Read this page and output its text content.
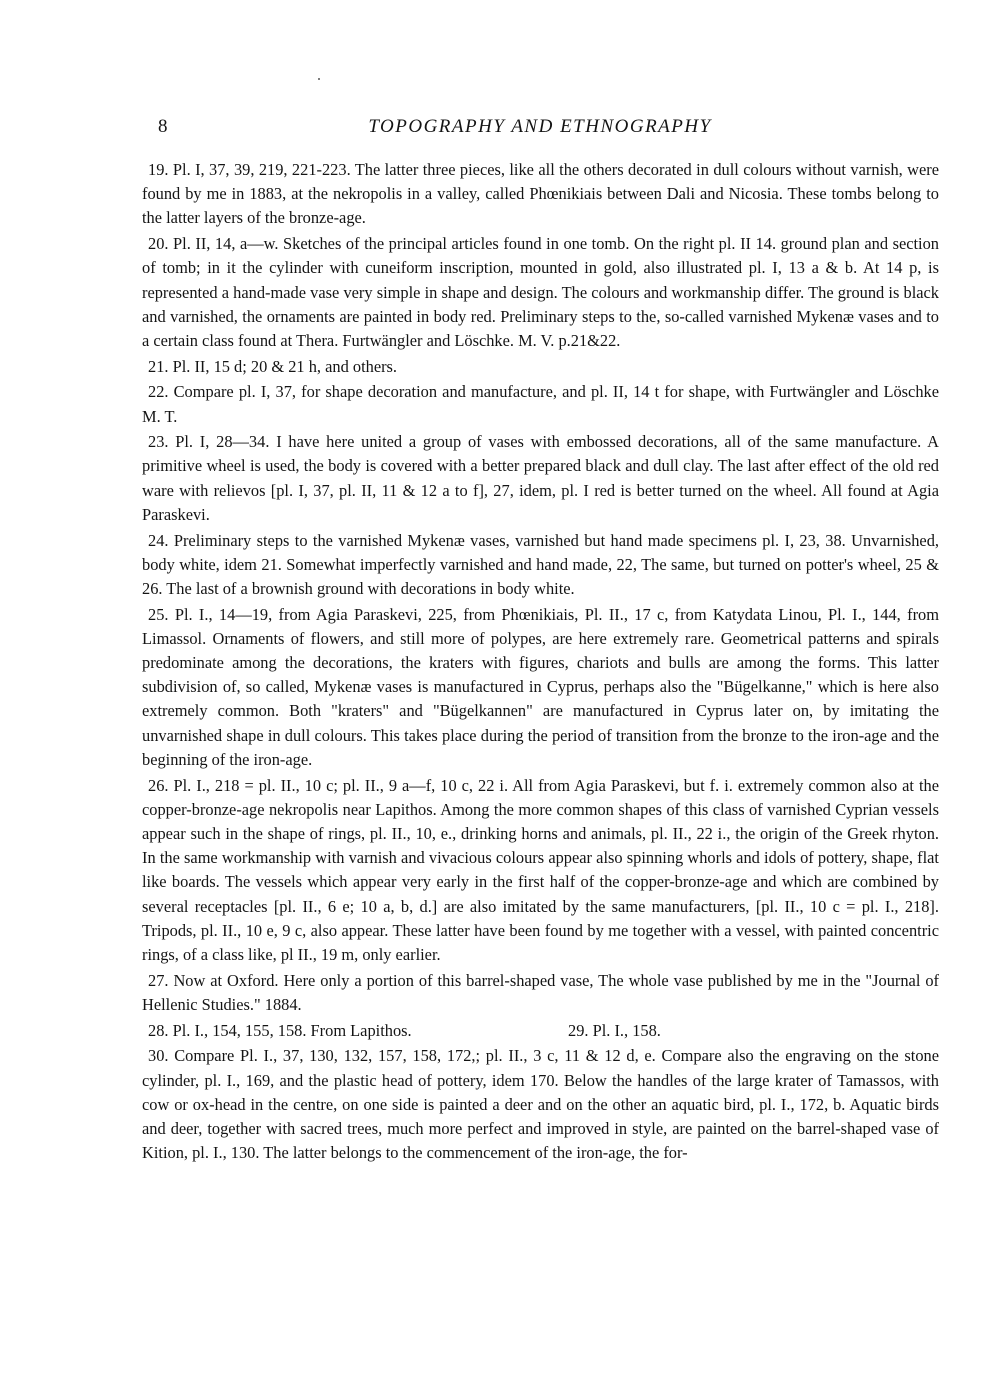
8	TOPOGRAPHY AND ETHNOGRAPHY

19. Pl. I, 37, 39, 219, 221-223. The latter three pieces, like all the others decorated in dull colours without varnish, were found by me in 1883, at the nekropolis in a valley, called Phœnikiais between Dali and Nicosia. These tombs belong to the latter layers of the bronze-age.

20. Pl. II, 14, a—w. Sketches of the principal articles found in one tomb. On the right pl. II 14. ground plan and section of tomb; in it the cylinder with cuneiform inscription, mounted in gold, also illustrated pl. I, 13 a & b. At 14 p, is represented a hand-made vase very simple in shape and design. The colours and workmanship differ. The ground is black and varnished, the ornaments are painted in body red. Preliminary steps to the, so-called varnished Mykenæ vases and to a certain class found at Thera. Furtwängler and Löschke. M. V. p.21&22.

21. Pl. II, 15 d; 20 & 21 h, and others.

22. Compare pl. I, 37, for shape decoration and manufacture, and pl. II, 14 t for shape, with Furtwängler and Löschke M. T.

23. Pl. I, 28—34. I have here united a group of vases with embossed decorations, all of the same manufacture. A primitive wheel is used, the body is covered with a better prepared black and dull clay. The last after effect of the old red ware with relievos [pl. I, 37, pl. II, 11 & 12 a to f], 27, idem, pl. I red is better turned on the wheel. All found at Agia Paraskevi.

24. Preliminary steps to the varnished Mykenæ vases, varnished but hand made specimens pl. I, 23, 38. Unvarnished, body white, idem 21. Somewhat imperfectly varnished and hand made, 22, The same, but turned on potter's wheel, 25 & 26. The last of a brownish ground with decorations in body white.

25. Pl. I., 14—19, from Agia Paraskevi, 225, from Phœnikiais, Pl. II., 17 c, from Katydata Linou, Pl. I., 144, from Limassol. Ornaments of flowers, and still more of polypes, are here extremely rare. Geometrical patterns and spirals predominate among the decorations, the kraters with figures, chariots and bulls are among the forms. This latter subdivision of, so called, Mykenæ vases is manufactured in Cyprus, perhaps also the "Bügelkanne," which is here also extremely common. Both "kraters" and "Bügelkannen" are manufactured in Cyprus later on, by imitating the unvarnished shape in dull colours. This takes place during the period of transition from the bronze to the iron-age and the beginning of the iron-age.

26. Pl. I., 218 = pl. II., 10 c; pl. II., 9 a—f, 10 c, 22 i. All from Agia Paraskevi, but f. i. extremely common also at the copper-bronze-age nekropolis near Lapithos. Among the more common shapes of this class of varnished Cyprian vessels appear such in the shape of rings, pl. II., 10, e., drinking horns and animals, pl. II., 22 i., the origin of the Greek rhyton. In the same workmanship with varnish and vivacious colours appear also spinning whorls and idols of pottery, shape, flat like boards. The vessels which appear very early in the first half of the copper-bronze-age and which are combined by several receptacles [pl. II., 6 e; 10 a, b, d.] are also imitated by the same manufacturers, [pl. II., 10 c = pl. I., 218]. Tripods, pl. II., 10 e, 9 c, also appear. These latter have been found by me together with a vessel, with painted concentric rings, of a class like, pl II., 19 m, only earlier.

27. Now at Oxford. Here only a portion of this barrel-shaped vase, The whole vase published by me in the "Journal of Hellenic Studies." 1884.

28. Pl. I., 154, 155, 158. From Lapithos.	29. Pl. I., 158.

30. Compare Pl. I., 37, 130, 132, 157, 158, 172,; pl. II., 3 c, 11 & 12 d, e. Compare also the engraving on the stone cylinder, pl. I., 169, and the plastic head of pottery, idem 170. Below the handles of the large krater of Tamassos, with cow or ox-head in the centre, on one side is painted a deer and on the other an aquatic bird, pl. I., 172, b. Aquatic birds and deer, together with sacred trees, much more perfect and improved in style, are painted on the barrel-shaped vase of Kition, pl. I., 130. The latter belongs to the commencement of the iron-age, the for-
